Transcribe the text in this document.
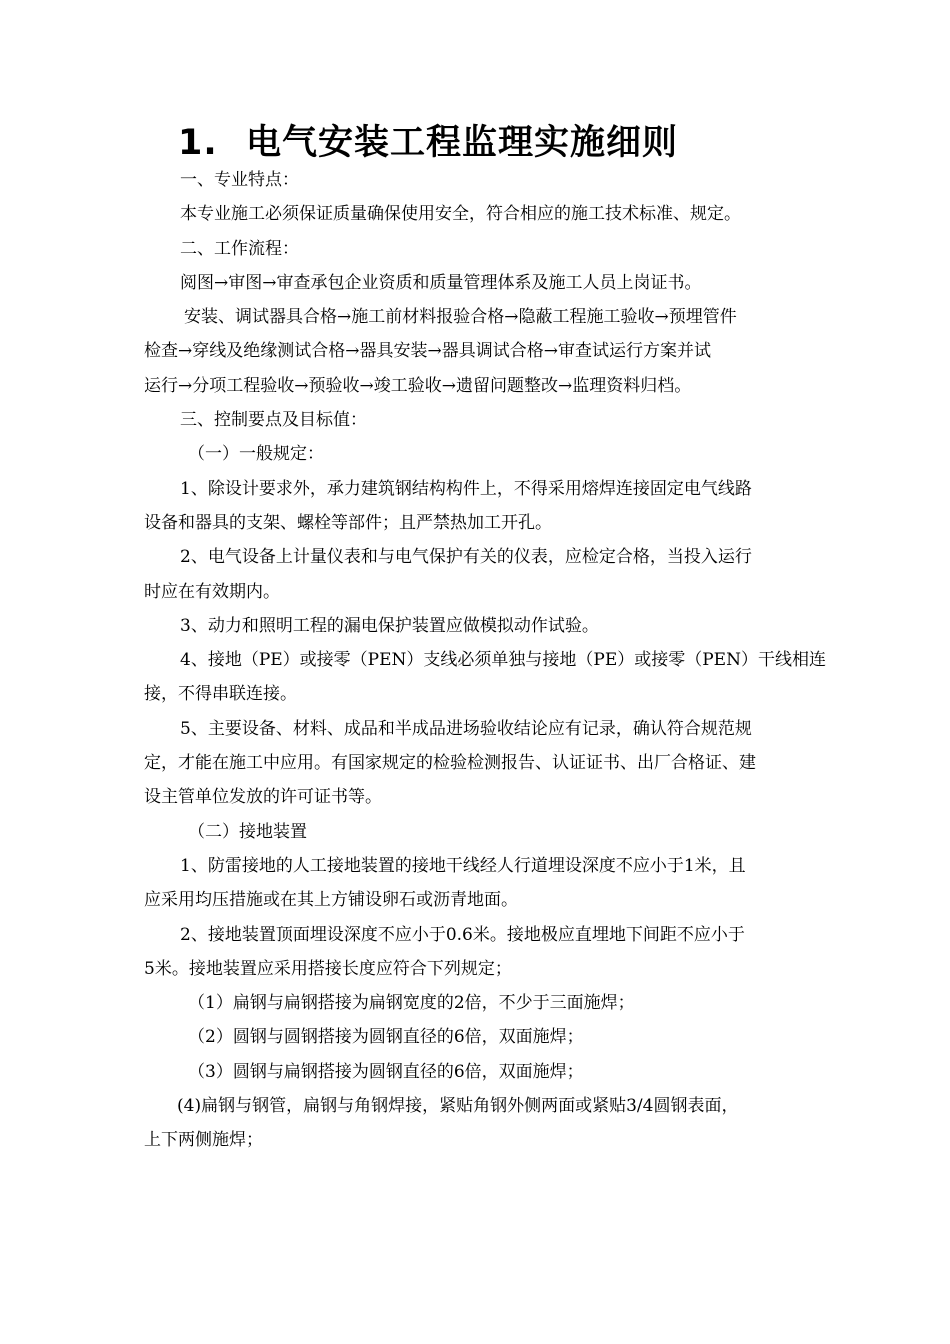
1. 电气安装工程监理实施细则

一、专业特点：

本专业施工必须保证质量确保使用安全，符合相应的施工技术标准、规定。

二、工作流程：

阅图→审图→审查承包企业资质和质量管理体系及施工人员上岗证书。

安装、调试器具合格→施工前材料报验合格→隐蔽工程施工验收→预埋管件

检查→穿线及绝缘测试合格→器具安装→器具调试合格→审查试运行方案并试

运行→分项工程验收→预验收→竣工验收→遗留问题整改→监理资料归档。

三、控制要点及目标值：

（一）一般规定：

1、除设计要求外，承力建筑钢结构构件上，不得采用熔焊连接固定电气线路

设备和器具的支架、螺栓等部件；且严禁热加工开孔。

2、电气设备上计量仪表和与电气保护有关的仪表，应检定合格，当投入运行

时应在有效期内。

3、动力和照明工程的漏电保护装置应做模拟动作试验。

4、接地（PE）或接零（PEN）支线必须单独与接地（PE）或接零（PEN）干线相连

接，不得串联连接。

5、主要设备、材料、成品和半成品进场验收结论应有记录，确认符合规范规

定，才能在施工中应用。有国家规定的检验检测报告、认证证书、出厂合格证、建

设主管单位发放的许可证书等。

（二）接地装置

1、防雷接地的人工接地装置的接地干线经人行道埋设深度不应小于1米，且

应采用均压措施或在其上方铺设卵石或沥青地面。

2、接地装置顶面埋设深度不应小于0.6米。接地极应直埋地下间距不应小于

5米。接地装置应采用搭接长度应符合下列规定；

（1）扁钢与扁钢搭接为扁钢宽度的2倍，不少于三面施焊；

（2）圆钢与圆钢搭接为圆钢直径的6倍，双面施焊；

（3）圆钢与扁钢搭接为圆钢直径的6倍，双面施焊；

(4)扁钢与钢管，扁钢与角钢焊接，紧贴角钢外侧两面或紧贴3/4圆钢表面，

上下两侧施焊；
